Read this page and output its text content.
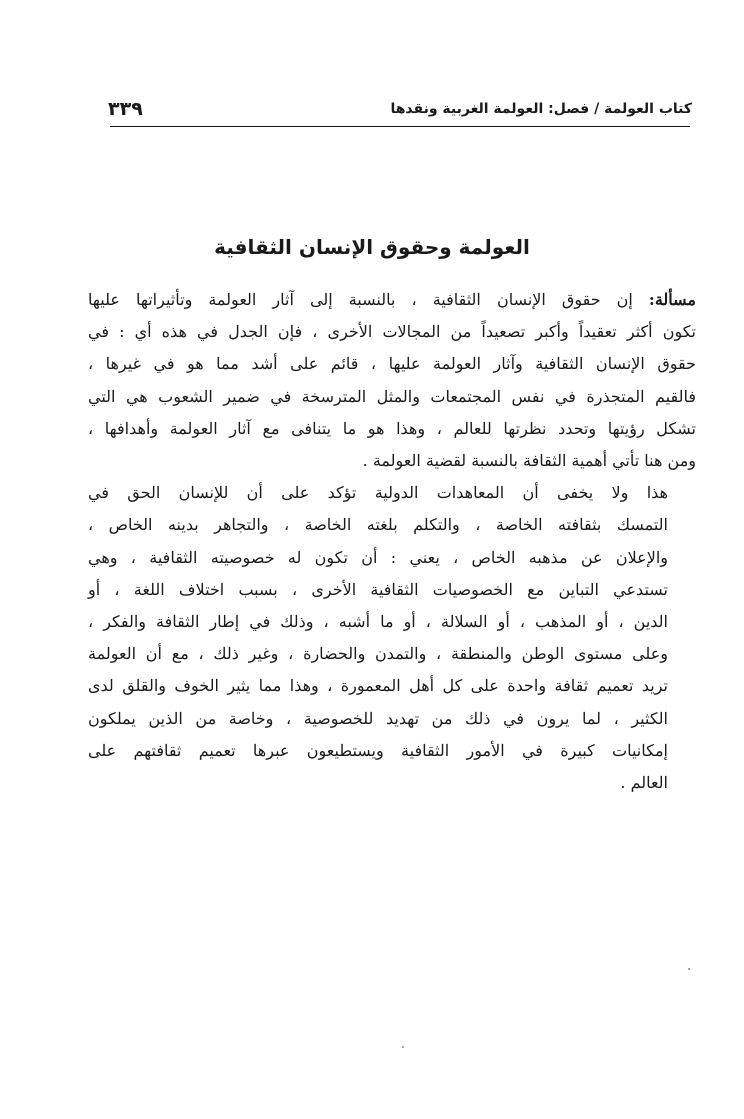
كتاب العولمة / فصل: العولمة الغربية ونقدها
٣٣٩
العولمة وحقوق الإنسان الثقافية

مسألة: إن حقوق الإنسان الثقافية ، بالنسبة إلى آثار العولمة وتأثيراتها عليها
تكون أكثر تعقيداً وأكبر تصعيداً من المجالات الأخرى ، فإن الجدل في هذه أي : في
حقوق الإنسان الثقافية وآثار العولمة عليها ، قائم على أشد مما هو في غيرها ،
فالقيم المتجذرة في نفس المجتمعات والمثل المترسخة في ضمير الشعوب هي التي
تشكل رؤيتها وتحدد نظرتها للعالم ، وهذا هو ما يتنافى مع آثار العولمة وأهدافها ،
ومن هنا تأتي أهمية الثقافة بالنسبة لقضية العولمة .

هذا ولا يخفى أن المعاهدات الدولية تؤكد على أن للإنسان الحق في
التمسك بثقافته الخاصة ، والتكلم بلغته الخاصة ، والتجاهر بدينه الخاص ،
والإعلان عن مذهبه الخاص ، يعني : أن تكون له خصوصيته الثقافية ، وهي
تستدعي التباين مع الخصوصيات الثقافية الأخرى ، بسبب اختلاف اللغة ، أو
الدين ، أو المذهب ، أو السلالة ، أو ما أشبه ، وذلك في إطار الثقافة والفكر ،
وعلى مستوى الوطن والمنطقة ، والتمدن والحضارة ، وغير ذلك ، مع أن العولمة
تريد تعميم ثقافة واحدة على كل أهل المعمورة ، وهذا مما يثير الخوف والقلق لدى
الكثير ، لما يرون في ذلك من تهديد للخصوصية ، وخاصة من الذين يملكون
إمكانيات كبيرة في الأمور الثقافية ويستطيعون عبرها تعميم ثقافتهم على
العالم .
